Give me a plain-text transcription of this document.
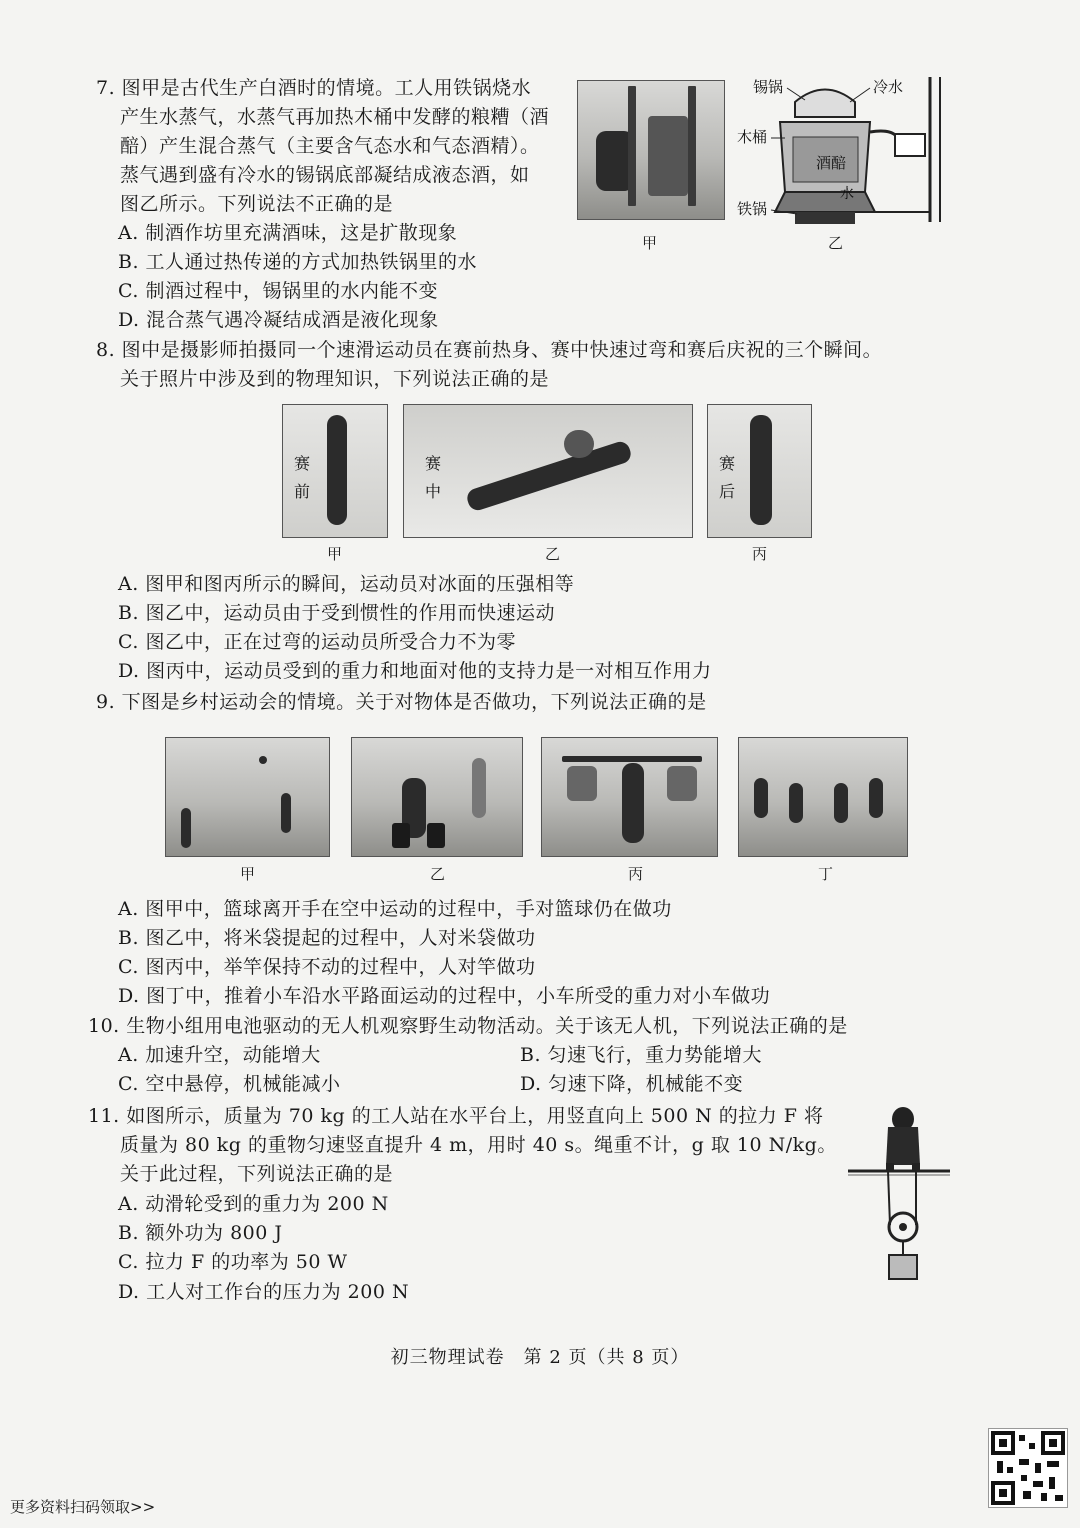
7. 图甲是古代生产白酒时的情境。工人用铁锅烧水
产生水蒸气，水蒸气再加热木桶中发酵的粮糟（酒
醅）产生混合蒸气（主要含气态水和气态酒精）。
蒸气遇到盛有冷水的锡锅底部凝结成液态酒，如
图乙所示。下列说法不正确的是
A. 制酒作坊里充满酒味，这是扩散现象
B. 工人通过热传递的方式加热铁锅里的水
C. 制酒过程中，锡锅里的水内能不变
D. 混合蒸气遇冷凝结成酒是液化现象
甲
酒醅
水
锡锅	冷水
木桶
铁锅
乙
8. 图中是摄影师拍摄同一个速滑运动员在赛前热身、赛中快速过弯和赛后庆祝的三个瞬间。
关于照片中涉及到的物理知识，下列说法正确的是
赛
前
甲
赛
中
乙
赛
后
丙
A. 图甲和图丙所示的瞬间，运动员对冰面的压强相等
B. 图乙中，运动员由于受到惯性的作用而快速运动
C. 图乙中，正在过弯的运动员所受合力不为零
D. 图丙中，运动员受到的重力和地面对他的支持力是一对相互作用力
9. 下图是乡村运动会的情境。关于对物体是否做功，下列说法正确的是
甲	乙	丙	丁
A. 图甲中，篮球离开手在空中运动的过程中，手对篮球仍在做功
B. 图乙中，将米袋提起的过程中，人对米袋做功
C. 图丙中，举竿保持不动的过程中，人对竿做功
D. 图丁中，推着小车沿水平路面运动的过程中，小车所受的重力对小车做功
10. 生物小组用电池驱动的无人机观察野生动物活动。关于该无人机，下列说法正确的是
A. 加速升空，动能增大	B. 匀速飞行，重力势能增大
C. 空中悬停，机械能减小	D. 匀速下降，机械能不变
11. 如图所示，质量为 70 kg 的工人站在水平台上，用竖直向上 500 N 的拉力 F 将
质量为 80 kg 的重物匀速竖直提升 4 m，用时 40 s。绳重不计，g 取 10 N/kg。
关于此过程，下列说法正确的是
A. 动滑轮受到的重力为 200 N
B. 额外功为 800 J
C. 拉力 F 的功率为 50 W
D. 工人对工作台的压力为 200 N
初三物理试卷　第 2 页（共 8 页）
更多资料扫码领取>>
